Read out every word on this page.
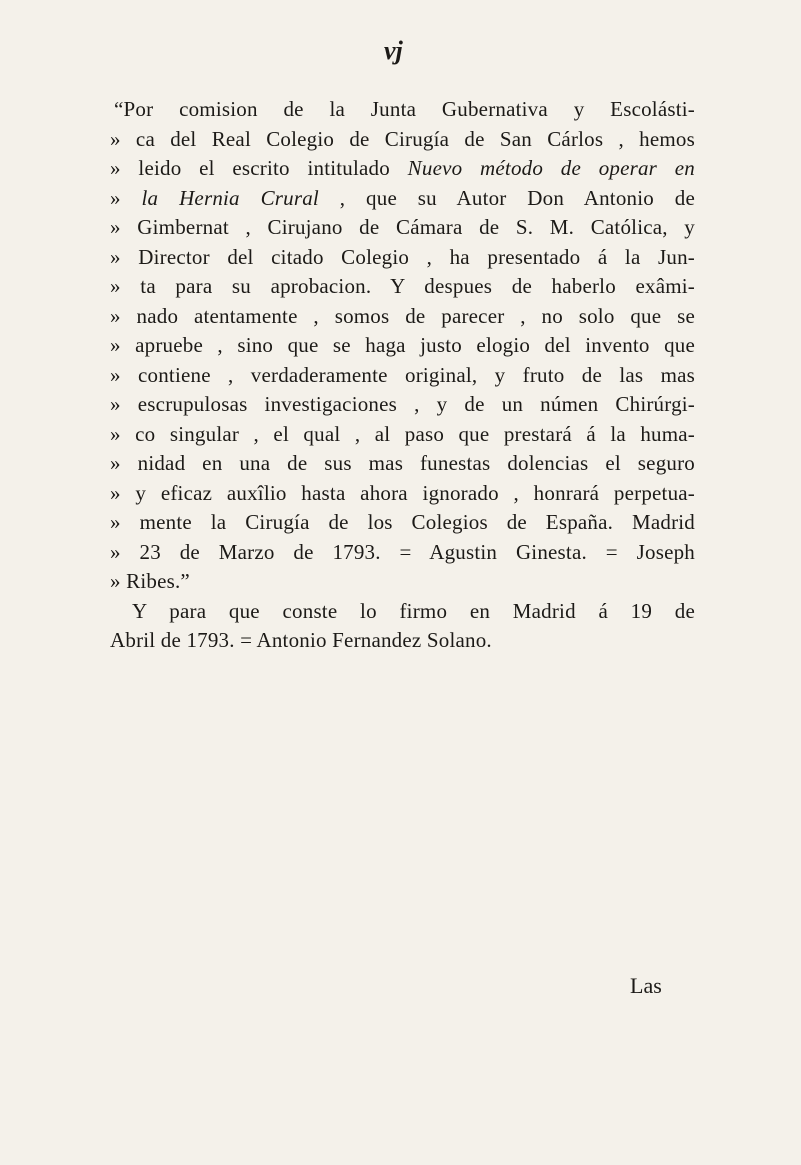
vj
“Por comision de la Junta Gubernativa y Escolásti-
» ca del Real Colegio de Cirugía de San Cárlos , hemos
» leido el escrito intitulado Nuevo método de operar en
» la Hernia Crural , que su Autor Don Antonio de
» Gimbernat , Cirujano de Cámara de S. M. Católica, y
» Director del citado Colegio , ha presentado á la Jun-
» ta para su aprobacion. Y despues de haberlo exâmi-
» nado atentamente , somos de parecer , no solo que se
» apruebe , sino que se haga justo elogio del invento que
» contiene , verdaderamente original, y fruto de las mas
» escrupulosas investigaciones , y de un númen Chirúrgi-
» co singular , el qual , al paso que prestará á la huma-
» nidad en una de sus mas funestas dolencias el seguro
» y eficaz auxîlio hasta ahora ignorado , honrará perpetua-
» mente la Cirugía de los Colegios de España. Madrid
» 23 de Marzo de 1793. = Agustin Ginesta. = Joseph
» Ribes.”
Y para que conste lo firmo en Madrid á 19 de
Abril de 1793. = Antonio Fernandez Solano.
Las
